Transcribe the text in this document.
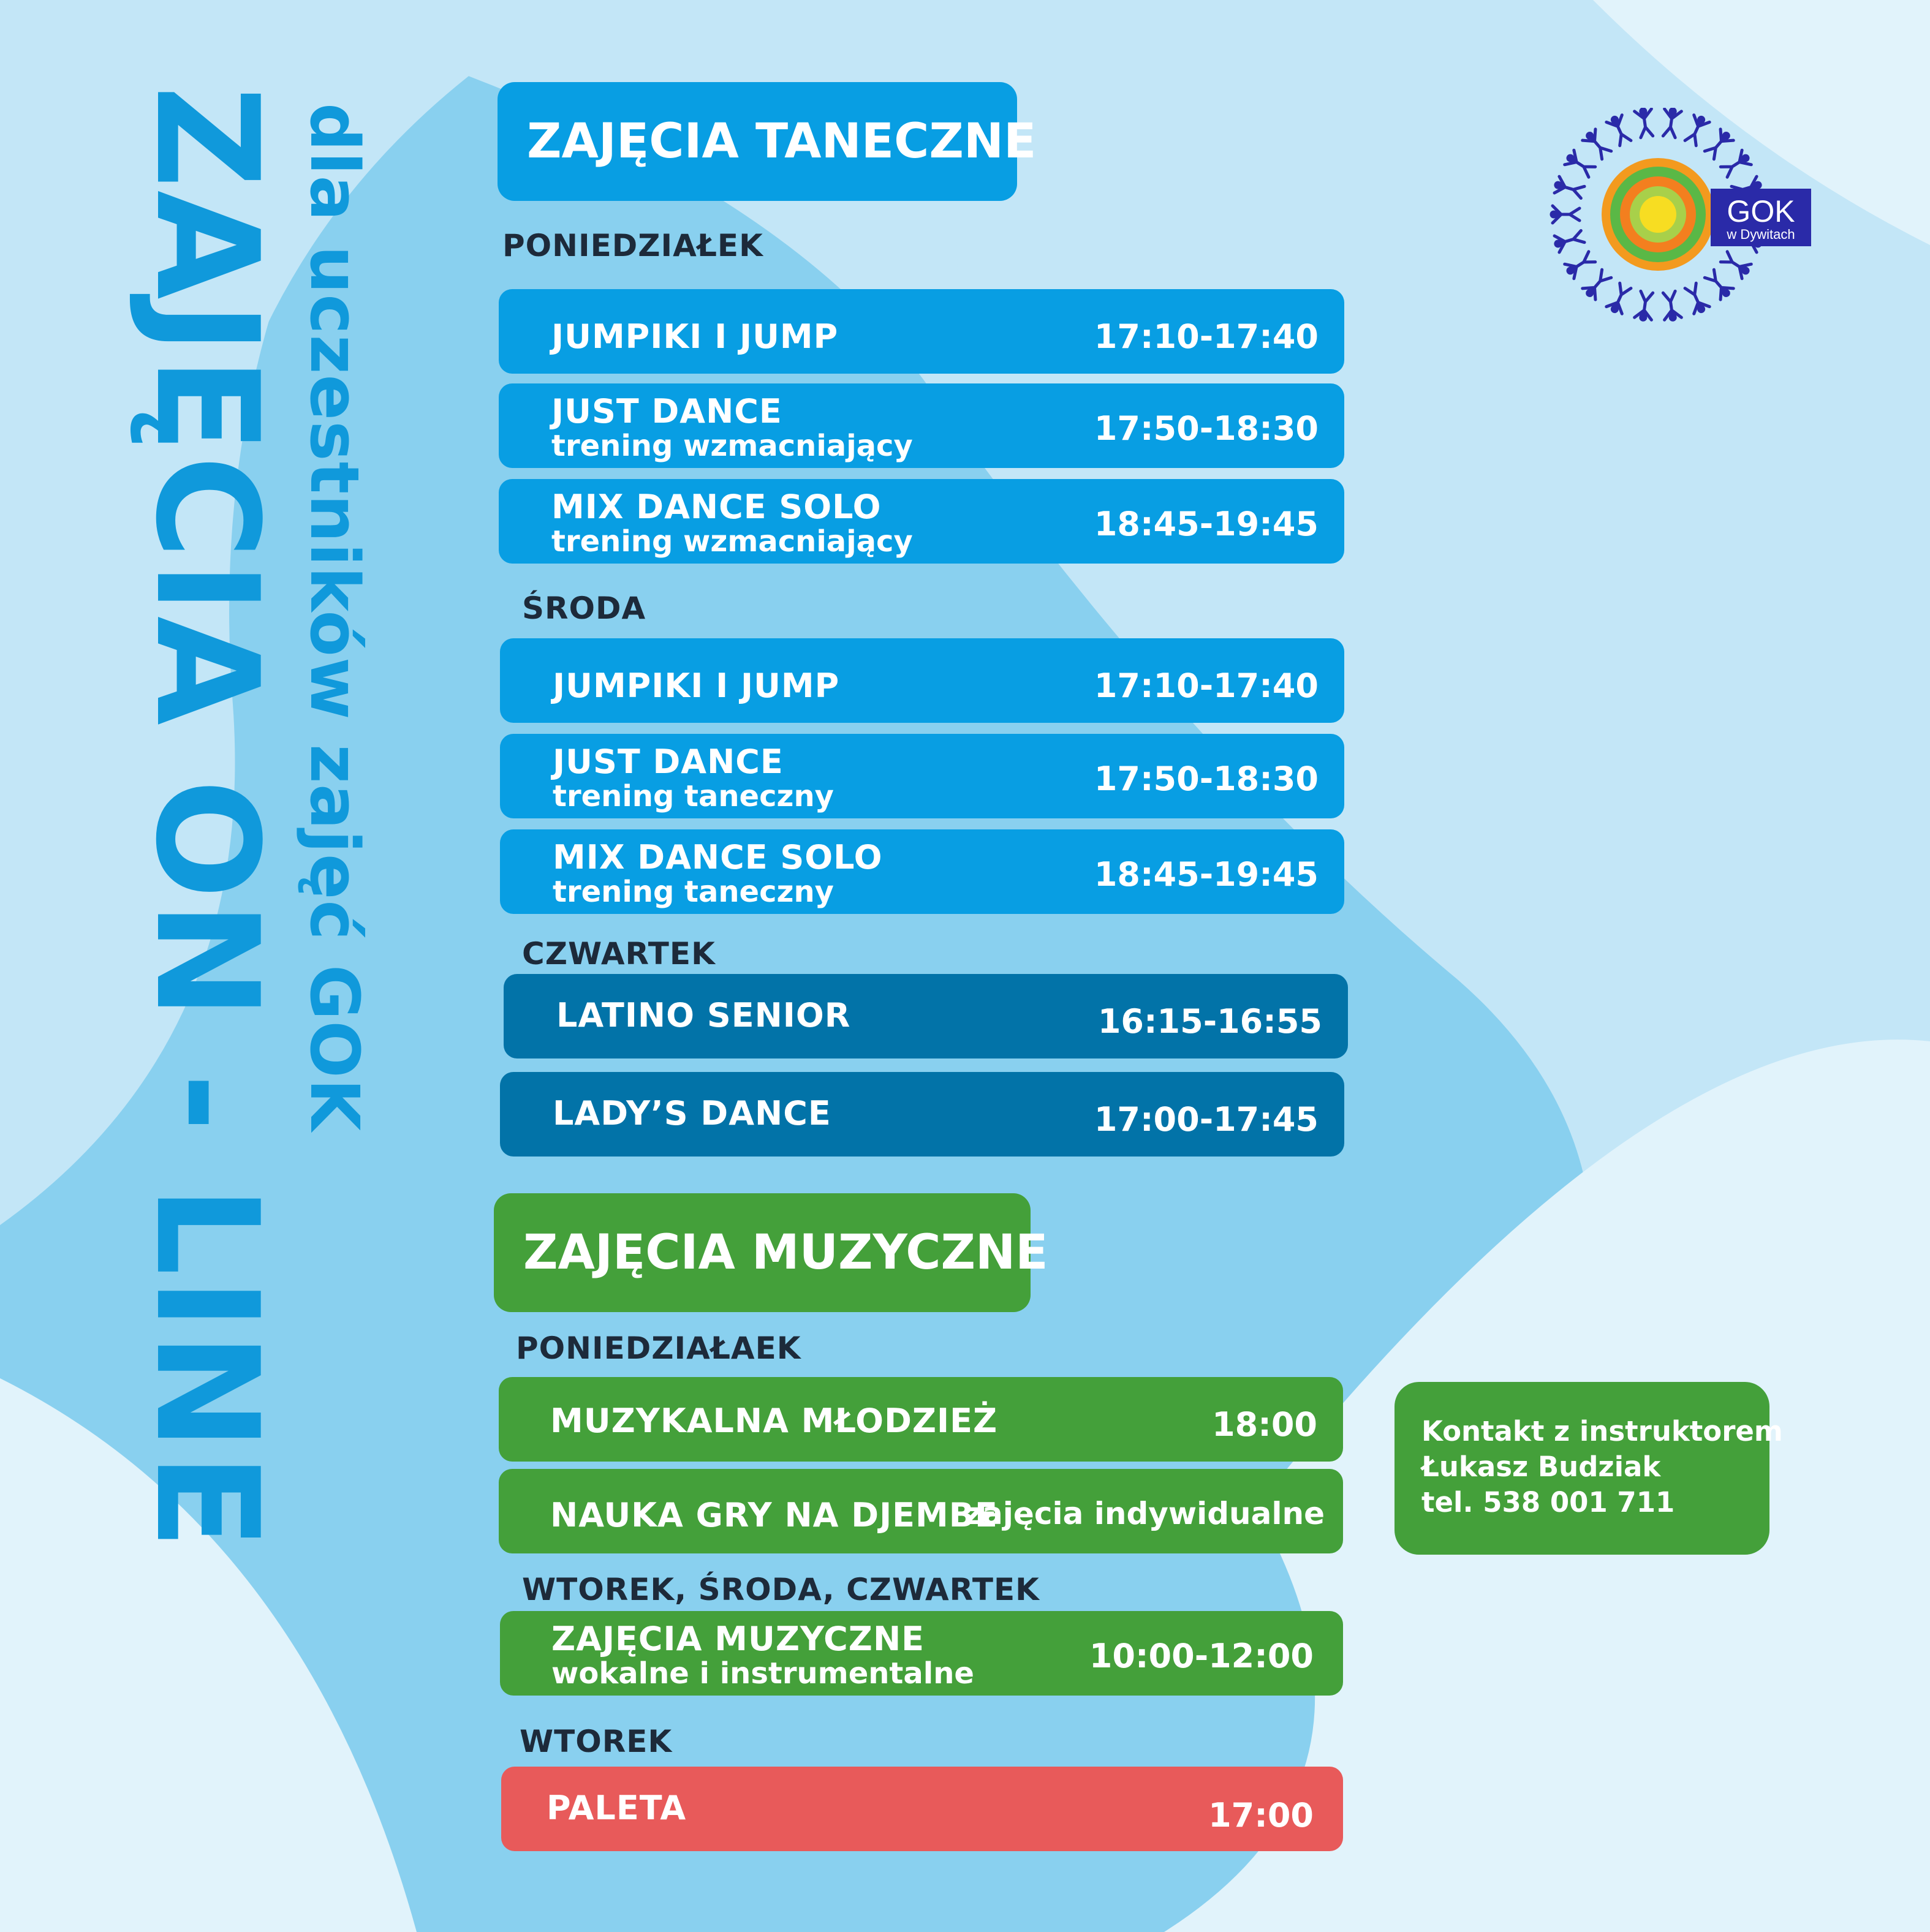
ZAJĘCIA ON - LINE dla uczestników zajęć GOK	ZAJĘCIA TANECZNE
PONIEDZIAŁEK
JUMPIKI I JUMP	17:10-17:40
JUST DANCE
trening wzmacniający	17:50-18:30
MIX DANCE SOLO
trening wzmacniający	18:45-19:45
ŚRODA
JUMPIKI I JUMP	17:10-17:40
JUST DANCE
trening taneczny	17:50-18:30
MIX DANCE SOLO
trening taneczny	18:45-19:45
CZWARTEK
LATINO SENIOR	16:15-16:55
LADY’S DANCE	17:00-17:45
ZAJĘCIA MUZYCZNE
PONIEDZIAŁAEK
MUZYKALNA MŁODZIEŻ	18:00
NAUKA GRY NA DJEMBE
zajęcia indywidualne
WTOREK, ŚRODA, CZWARTEK
ZAJĘCIA MUZYCZNE
wokalne i instrumentalne	10:00-12:00
WTOREK
PALETA	17:00
Kontakt z instruktorem
Łukasz Budziak
tel. 538 001 711
GOK
w Dywitach
